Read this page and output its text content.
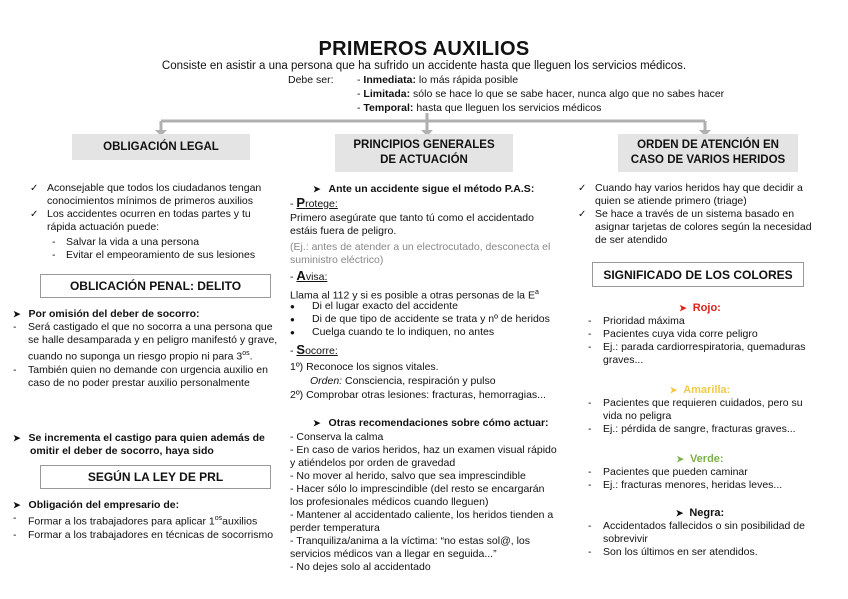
PRIMEROS AUXILIOS
Consiste en asistir a una persona que ha sufrido un accidente hasta que lleguen los servicios médicos.
Debe ser: - Inmediata: lo más rápida posible
- Limitada: sólo se hace lo que se sabe hacer, nunca algo que no sabes hacer
- Temporal: hasta que lleguen los servicios médicos
OBLIGACIÓN LEGAL
✓ Aconsejable que todos los ciudadanos tengan conocimientos mínimos de primeros auxilios
✓ Los accidentes ocurren en todas partes y tu rápida actuación puede:
- Salvar la vida a una persona
- Evitar el empeoramiento de sus lesiones
OBLICACIÓN PENAL: DELITO
➤ Por omisión del deber de socorro:
- Será castigado el que no socorra a una persona que se halle desamparada y en peligro manifestó y grave, cuando no suponga un riesgo propio ni para $3^{os}$.
- También quien no demande con urgencia auxilio en caso de no poder prestar auxilio personalmente
➤ Se incrementa el castigo para quien además de omitir el deber de socorro, haya sido
SEGÚN LA LEY DE PRL
➤ Obligación del empresario de:
- Formar a los trabajadores para aplicar $1^{os}auxilios$
- Formar a los trabajadores en técnicas de socorrismo
PRINCIPIOS GENERALES
DE ACTUACIÓN
➤ Ante un accidente sigue el método P.A.S:
- Protege:
Primero asegúrate que tanto tú como el accidentado estáis fuera de peligro.
(Ej.: antes de atender a un electrocutado, desconecta el suministro eléctrico)
- Avisa:
Llama al 112 y si es posible a otras personas de la $E^a$
● Di el lugar exacto del accidente
● Di de que tipo de accidente se trata y nº de heridos
● Cuelga cuando te lo indiquen, no antes
- Socorre:
1º) Reconoce los signos vitales.
Orden: Consciencia, respiración y pulso
2º) Comprobar otras lesiones: fracturas, hemorragias...
➤ Otras recomendaciones sobre cómo actuar:
- Conserva la calma
- En caso de varios heridos, haz un examen visual rápido y atiéndelos por orden de gravedad
- No mover al herido, salvo que sea imprescindible
- Hacer sólo lo imprescindible (del resto se encargarán los profesionales médicos cuando lleguen)
- Mantener al accidentado caliente, los heridos tienden a perder temperatura
- Tranquiliza/anima a la víctima: “no estas sol@, los servicios médicos van a llegar en seguida...”
- No dejes solo al accidentado
ORDEN DE ATENCIÓN EN
CASO DE VARIOS HERIDOS
✓ Cuando hay varios heridos hay que decidir a quien se atiende primero (triage)
✓ Se hace a través de un sistema basado en asignar tarjetas de colores según la necesidad de ser atendido
SIGNIFICADO DE LOS COLORES
➤ Rojo:
- Prioridad máxima
- Pacientes cuya vida corre peligro
- Ej.: parada cardiorrespiratoria, quemaduras graves...
➤ Amarilla:
- Pacientes que requieren cuidados, pero su vida no peligra
- Ej.: pérdida de sangre, fracturas graves...
➤ Verde:
- Pacientes que pueden caminar
- Ej.: fracturas menores, heridas leves...
➤ Negra:
- Accidentados fallecidos o sin posibilidad de sobrevivir
- Son los últimos en ser atendidos.
